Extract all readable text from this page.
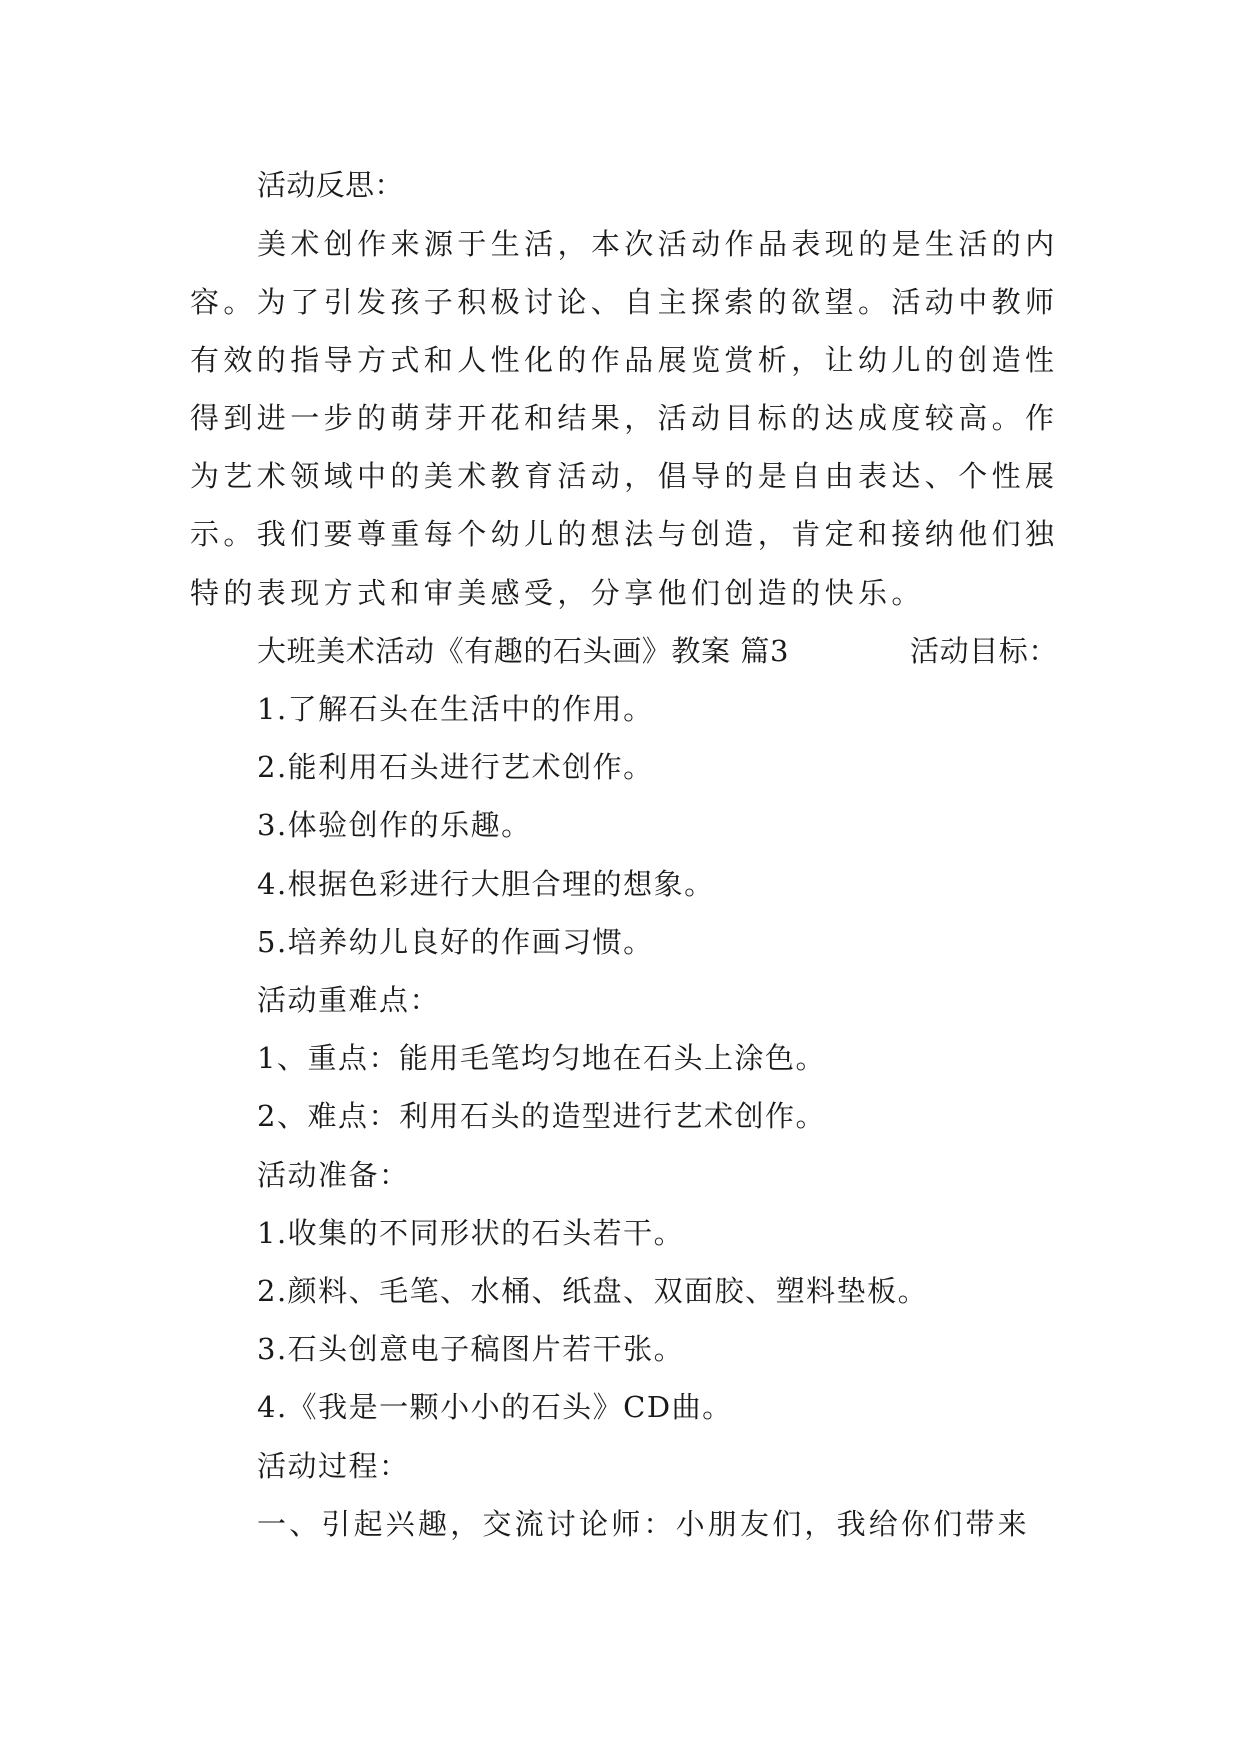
活动反思：
美术创作来源于生活，本次活动作品表现的是生活的内
容。为了引发孩子积极讨论、自主探索的欲望。活动中教师
有效的指导方式和人性化的作品展览赏析，让幼儿的创造性
得到进一步的萌芽开花和结果，活动目标的达成度较高。作
为艺术领域中的美术教育活动，倡导的是自由表达、个性展
示。我们要尊重每个幼儿的想法与创造，肯定和接纳他们独
特的表现方式和审美感受，分享他们创造的快乐。
大班美术活动《有趣的石头画》教案 篇3	活动目标：
1.了解石头在生活中的作用。
2.能利用石头进行艺术创作。
3.体验创作的乐趣。
4.根据色彩进行大胆合理的想象。
5.培养幼儿良好的作画习惯。
活动重难点：
1、重点：能用毛笔均匀地在石头上涂色。
2、难点：利用石头的造型进行艺术创作。
活动准备：
1.收集的不同形状的石头若干。
2.颜料、毛笔、水桶、纸盘、双面胶、塑料垫板。
3.石头创意电子稿图片若干张。
4.《我是一颗小小的石头》CD曲。
活动过程：
一、引起兴趣，交流讨论师：小朋友们，我给你们带来
